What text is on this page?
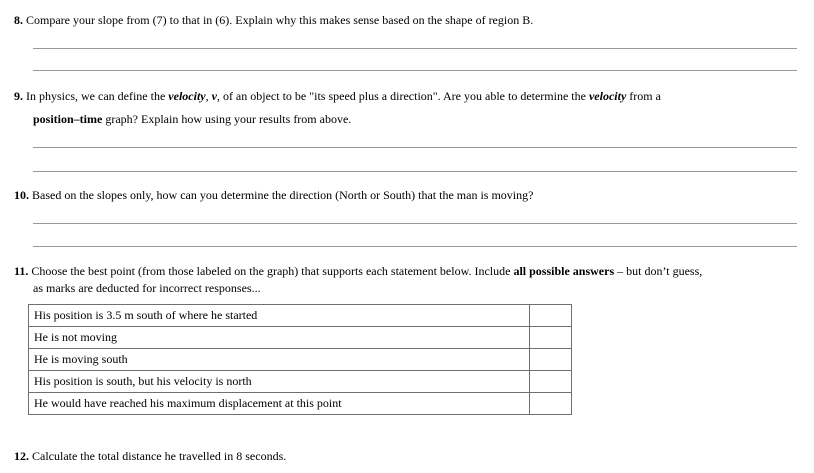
8. Compare your slope from (7) to that in (6). Explain why this makes sense based on the shape of region B.
9. In physics, we can define the velocity, v, of an object to be "its speed plus a direction". Are you able to determine the velocity from a
position–time graph? Explain how using your results from above.
10. Based on the slopes only, how can you determine the direction (North or South) that the man is moving?
11. Choose the best point (from those labeled on the graph) that supports each statement below. Include all possible answers – but don’t guess,
as marks are deducted for incorrect responses...
His position is 3.5 m south of where he started	
He is not moving	
He is moving south	
His position is south, but his velocity is north	
He would have reached his maximum displacement at this point	
12. Calculate the total distance he travelled in 8 seconds.
